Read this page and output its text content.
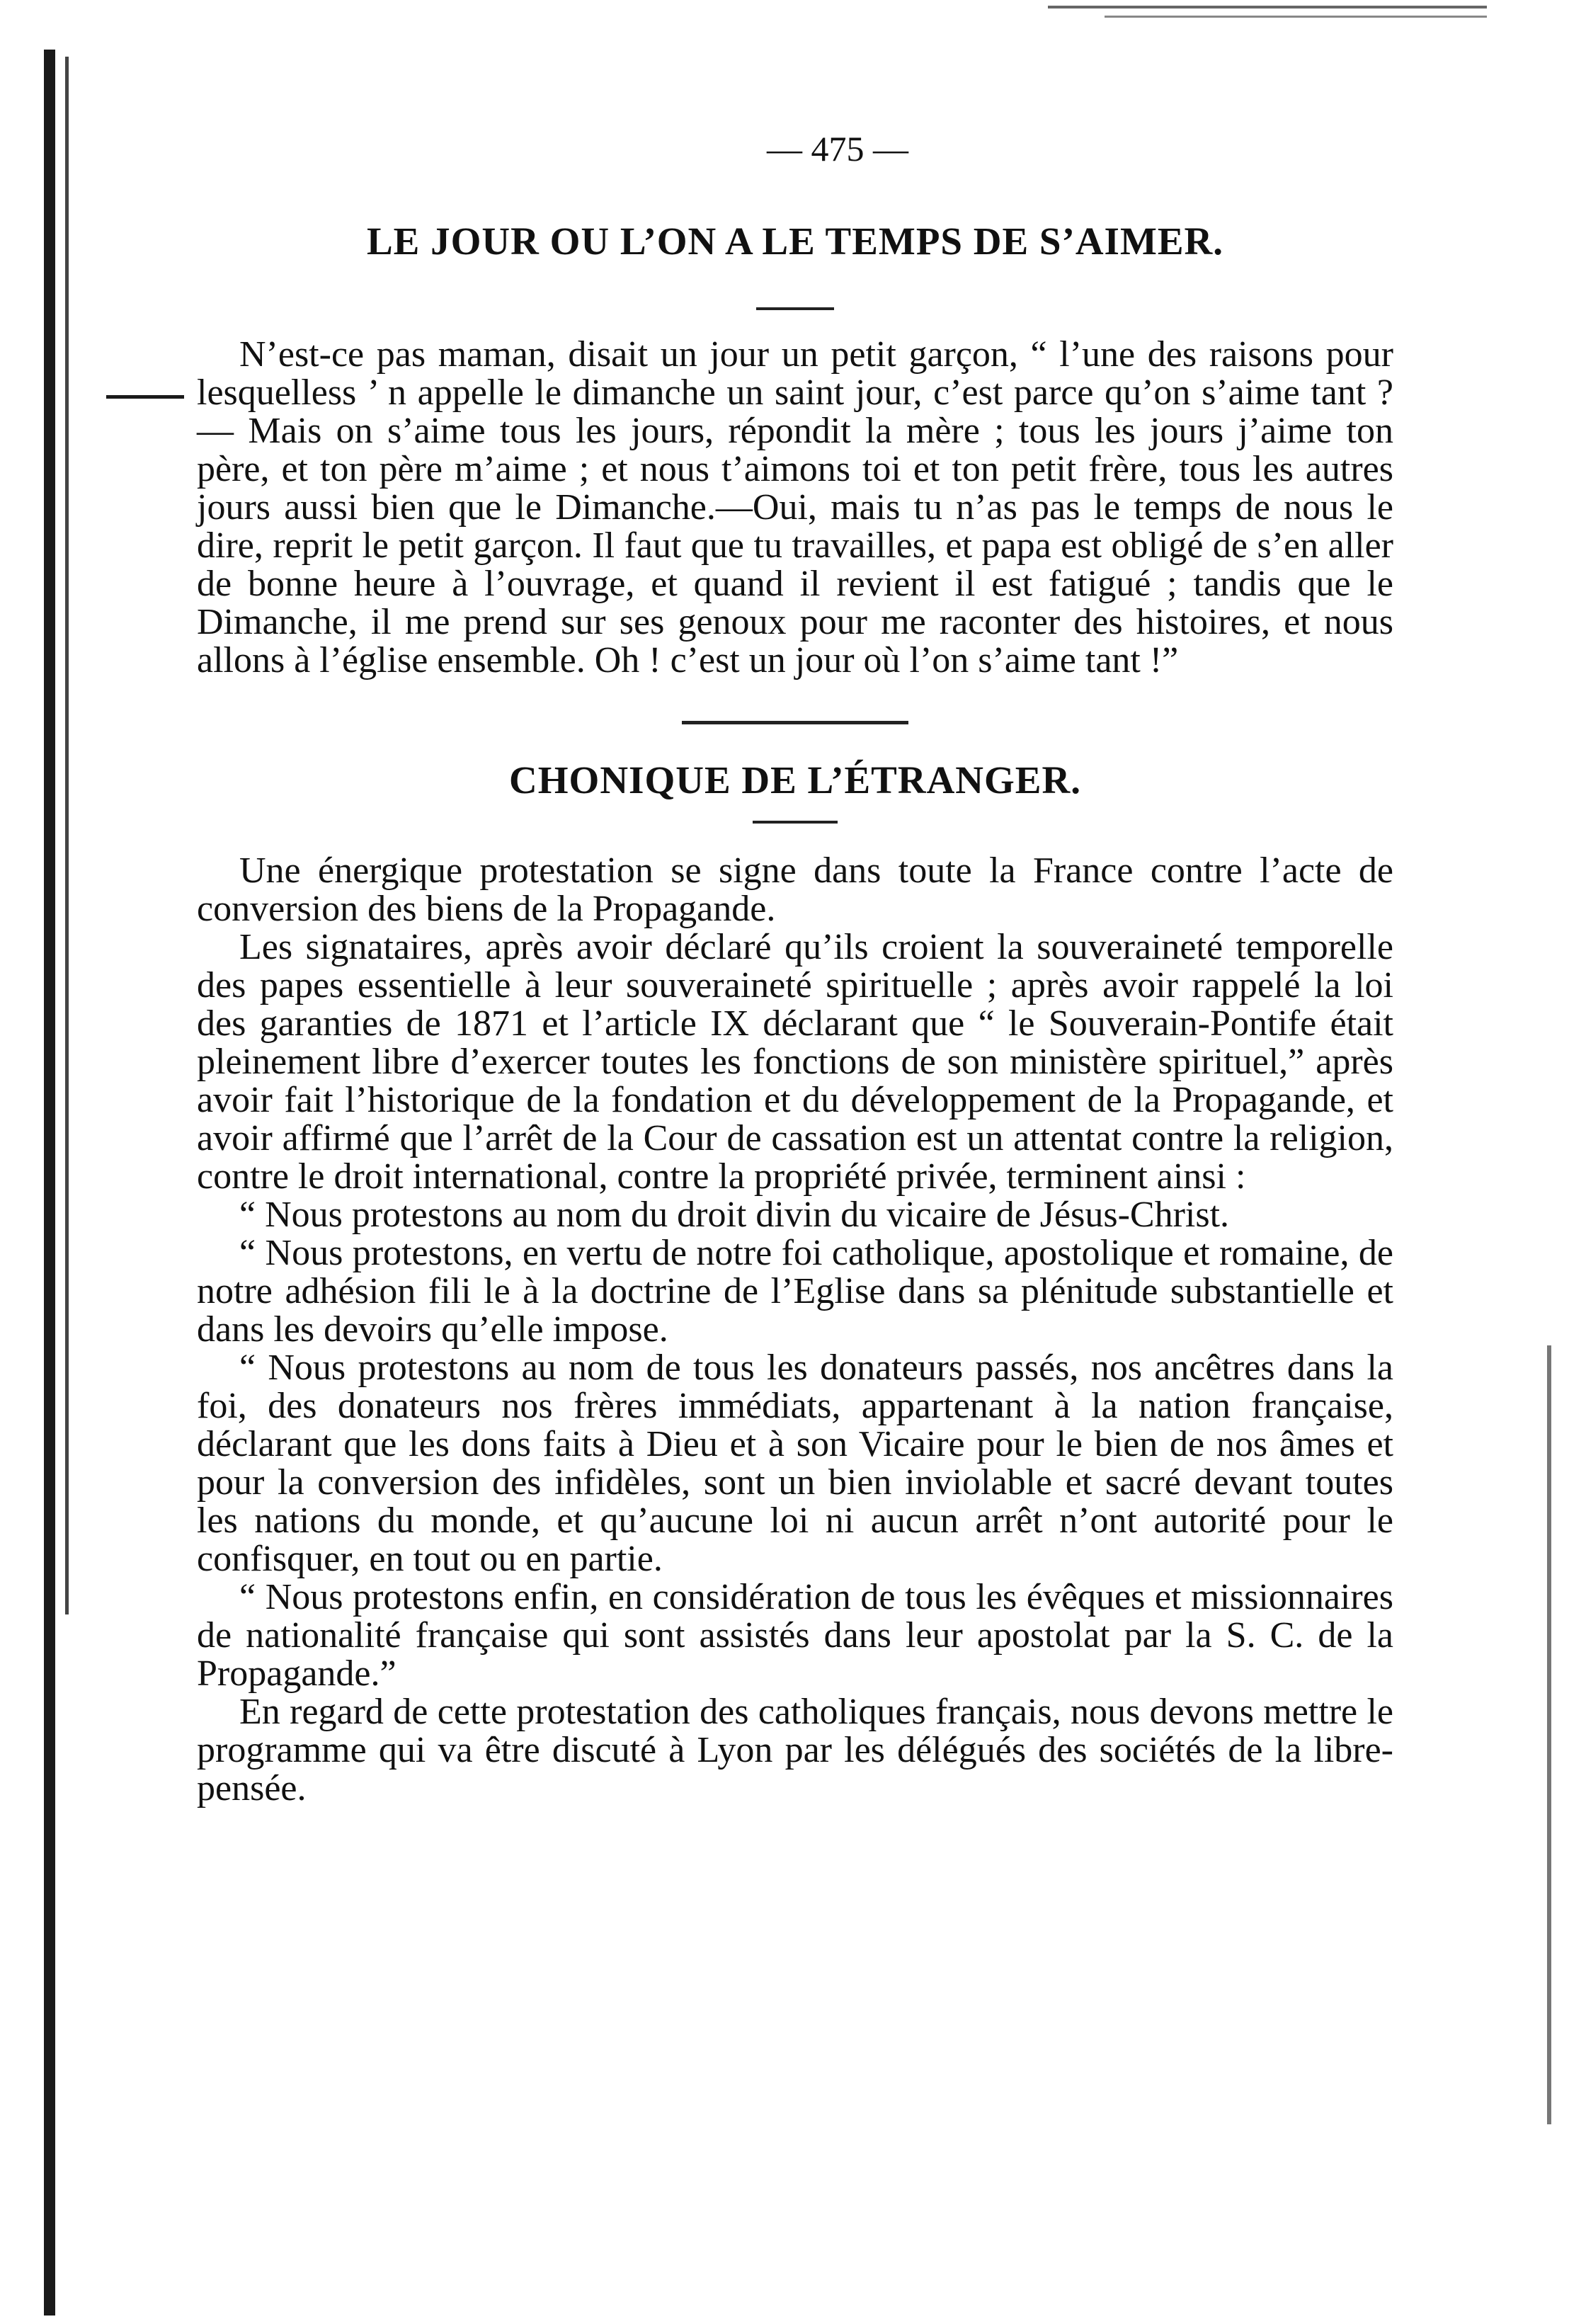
— 475 —

LE JOUR OU L’ON A LE TEMPS DE S’AIMER.

N’est-ce pas maman, disait un jour un petit garçon, “ l’une des raisons pour lesquelless ’ n appelle le dimanche un saint jour, c’est parce qu’on s’aime tant ? — Mais on s’aime tous les jours, répondit la mère ; tous les jours j’aime ton père, et ton père m’aime ; et nous t’aimons toi et ton petit frère, tous les autres jours aussi bien que le Dimanche.—Oui, mais tu n’as pas le temps de nous le dire, reprit le petit garçon. Il faut que tu travailles, et papa est obligé de s’en aller de bonne heure à l’ouvrage, et quand il revient il est fatigué ; tandis que le Dimanche, il me prend sur ses genoux pour me raconter des histoires, et nous allons à l’église ensemble. Oh ! c’est un jour où l’on s’aime tant !”

CHONIQUE DE L’ÉTRANGER.

Une énergique protestation se signe dans toute la France contre l’acte de conversion des biens de la Propagande.

Les signataires, après avoir déclaré qu’ils croient la souveraineté temporelle des papes essentielle à leur souveraineté spirituelle ; après avoir rappelé la loi des garanties de 1871 et l’article IX déclarant que “ le Souverain-Pontife était pleinement libre d’exercer toutes les fonctions de son ministère spirituel,” après avoir fait l’historique de la fondation et du développement de la Propagande, et avoir affirmé que l’arrêt de la Cour de cassation est un attentat contre la religion, contre le droit international, contre la propriété privée, terminent ainsi :

“ Nous protestons au nom du droit divin du vicaire de Jésus-Christ.

“ Nous protestons, en vertu de notre foi catholique, apostolique et romaine, de notre adhésion fili le à la doctrine de l’Eglise dans sa plénitude substantielle et dans les devoirs qu’elle impose.

“ Nous protestons au nom de tous les donateurs passés, nos ancêtres dans la foi, des donateurs nos frères immédiats, appartenant à la nation française, déclarant que les dons faits à Dieu et à son Vicaire pour le bien de nos âmes et pour la conversion des infidèles, sont un bien inviolable et sacré devant toutes les nations du monde, et qu’aucune loi ni aucun arrêt n’ont autorité pour le confisquer, en tout ou en partie.

“ Nous protestons enfin, en considération de tous les évêques et missionnaires de nationalité française qui sont assistés dans leur apostolat par la S. C. de la Propagande.”

En regard de cette protestation des catholiques français, nous devons mettre le programme qui va être discuté à Lyon par les délégués des sociétés de la libre-pensée.
